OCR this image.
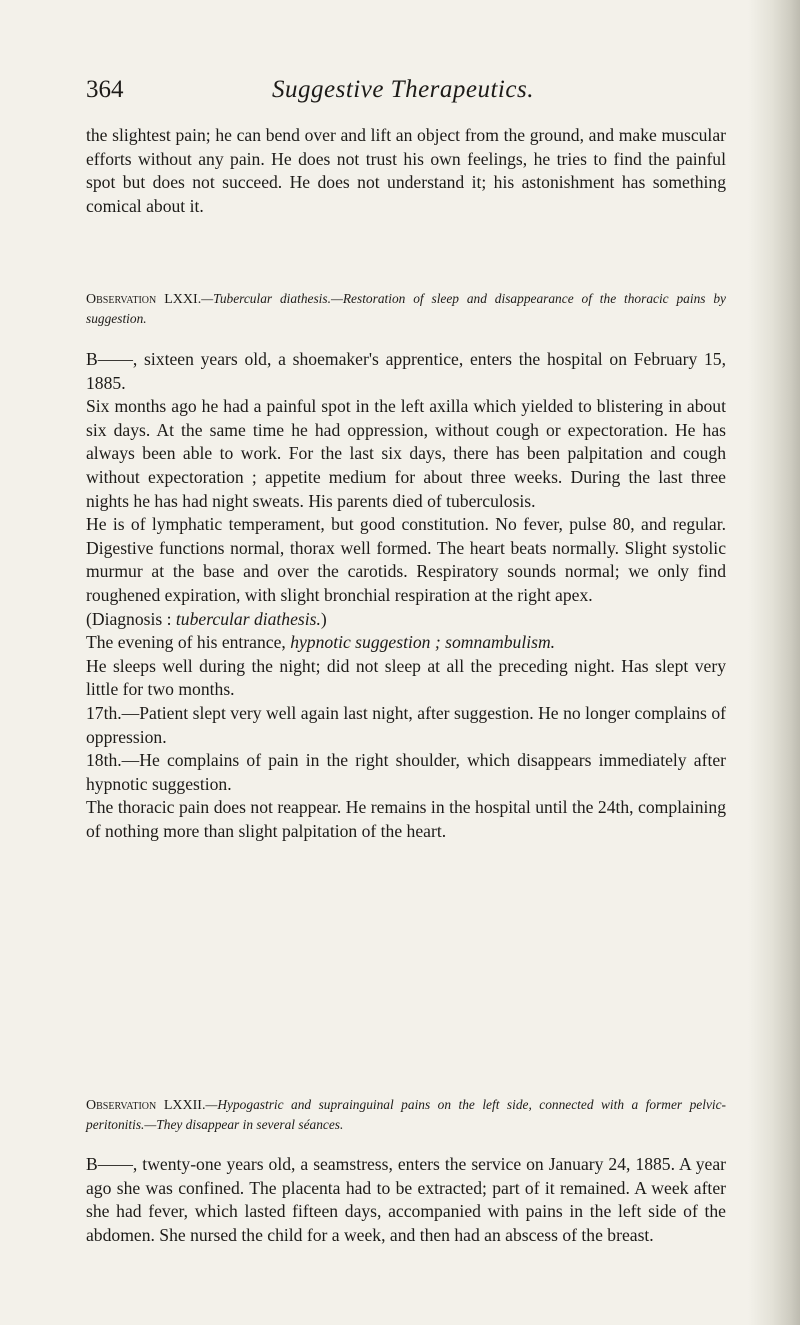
364	Suggestive Therapeutics.

the slightest pain; he can bend over and lift an object from the ground, and make muscular efforts without any pain. He does not trust his own feelings, he tries to find the painful spot but does not succeed. He does not understand it; his astonishment has something comical about it.

Observation LXXI.—Tubercular diathesis.—Restoration of sleep and disappearance of the thoracic pains by suggestion.

B——, sixteen years old, a shoemaker's apprentice, enters the hospital on February 15, 1885.

Six months ago he had a painful spot in the left axilla which yielded to blistering in about six days. At the same time he had oppression, without cough or expectoration. He has always been able to work. For the last six days, there has been palpitation and cough without expectoration ; appetite medium for about three weeks. During the last three nights he has had night sweats. His parents died of tuberculosis.

He is of lymphatic temperament, but good constitution. No fever, pulse 80, and regular. Digestive functions normal, thorax well formed. The heart beats normally. Slight systolic murmur at the base and over the carotids. Respiratory sounds normal; we only find roughened expiration, with slight bronchial respiration at the right apex.

(Diagnosis : tubercular diathesis.)

The evening of his entrance, hypnotic suggestion ; somnambulism.

He sleeps well during the night; did not sleep at all the preceding night. Has slept very little for two months.

17th.—Patient slept very well again last night, after suggestion. He no longer complains of oppression.

18th.—He complains of pain in the right shoulder, which disappears immediately after hypnotic suggestion.

The thoracic pain does not reappear. He remains in the hospital until the 24th, complaining of nothing more than slight palpitation of the heart.

Observation LXXII.—Hypogastric and suprainguinal pains on the left side, connected with a former pelvic-peritonitis.—They disappear in several séances.

B——, twenty-one years old, a seamstress, enters the service on January 24, 1885. A year ago she was confined. The placenta had to be extracted; part of it remained. A week after she had fever, which lasted fifteen days, accompanied with pains in the left side of the abdomen. She nursed the child for a week, and then had an abscess of the breast.
